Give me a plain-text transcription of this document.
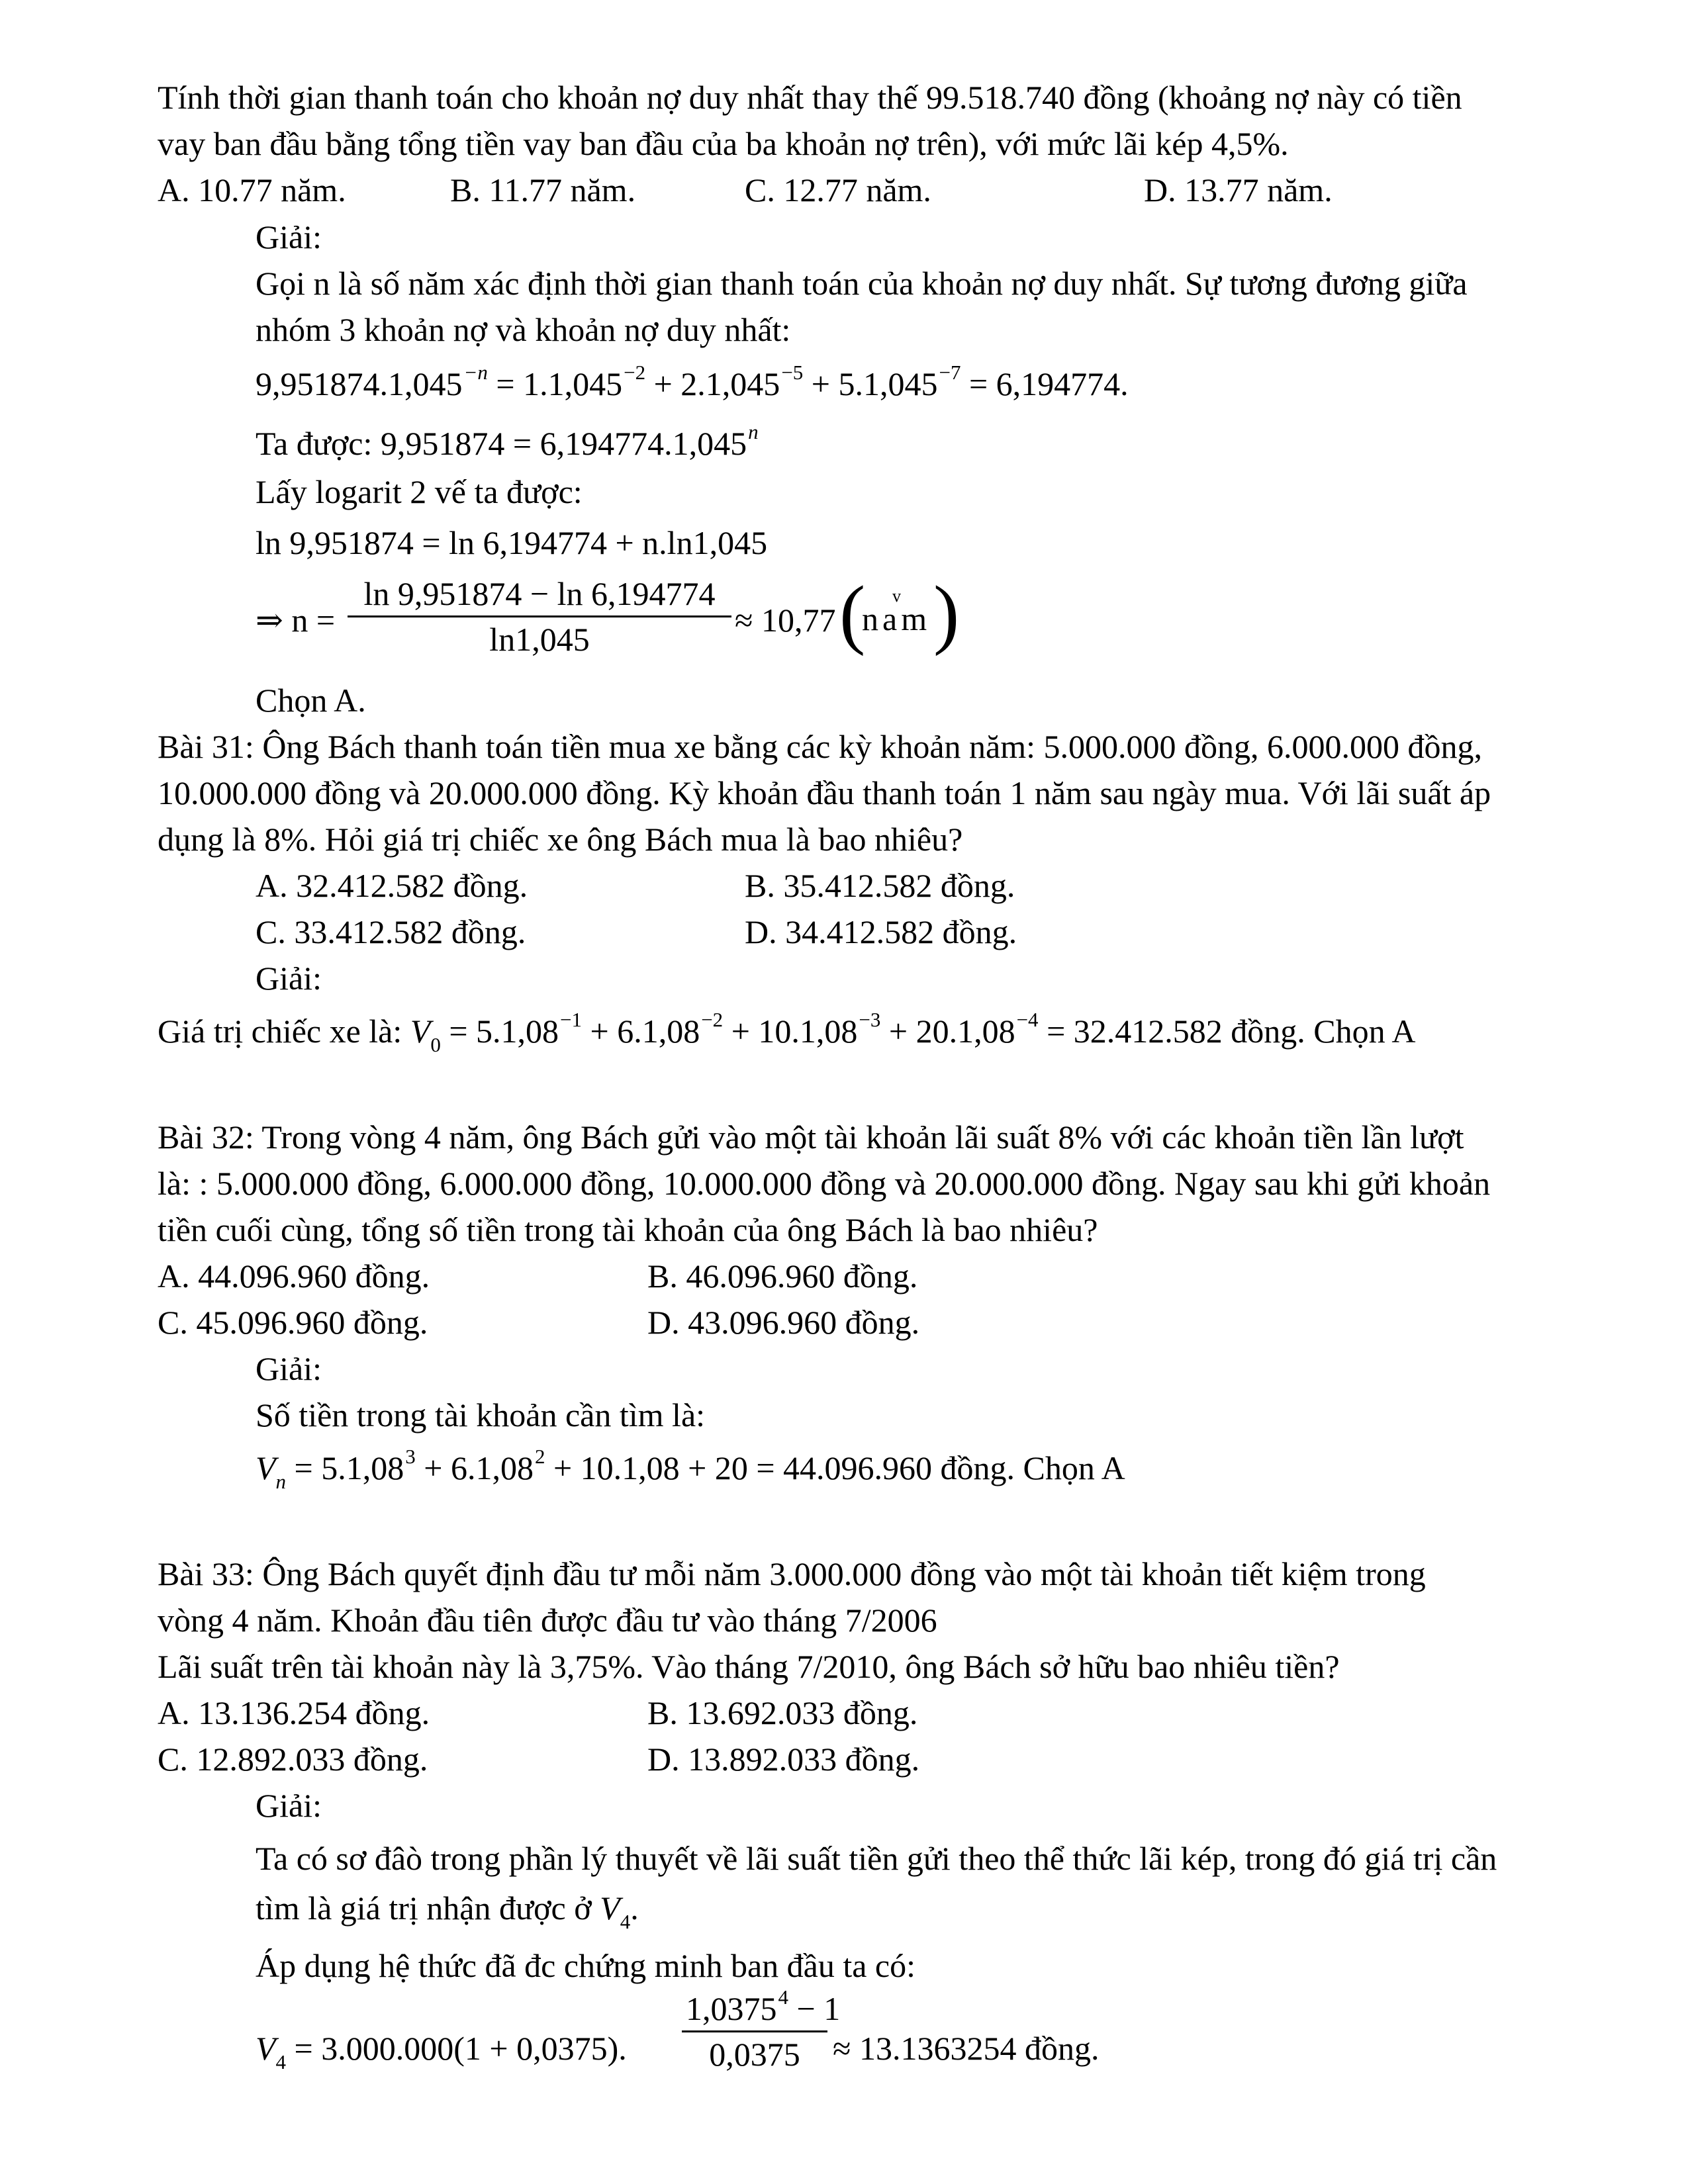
Tính thời gian thanh toán cho khoản nợ duy nhất thay thế 99.518.740 đồng (khoảng nợ này có tiền
vay ban đầu bằng tổng tiền vay ban đầu của ba khoản nợ trên), với mức lãi kép 4,5%.
A. 10.77 năm.	B. 11.77 năm.	C. 12.77 năm.	D. 13.77 năm.
Giải:
Gọi n là số năm xác định thời gian thanh toán của khoản nợ duy nhất. Sự tương đương giữa
nhóm 3 khoản nợ và khoản nợ duy nhất:
$9,951874.1,045^{-n} = 1.1,045^{-2} + 2.1,045^{-5} + 5.1,045^{-7} = 6,194774$.
Ta được: $9,951874 = 6,194774.1,045^n$
Lấy logarit 2 vế ta được:
ln 9,951874 = ln 6,194774 + n.ln1,045
⇒ $n = \frac{\ln 9,951874 - \ln 6,194774}{\ln 1,045} \approx 10,77$ ( v
nam )
Chọn A.
Bài 31: Ông Bách thanh toán tiền mua xe bằng các kỳ khoản năm: 5.000.000 đồng, 6.000.000 đồng,
10.000.000 đồng và 20.000.000 đồng. Kỳ khoản đầu thanh toán 1 năm sau ngày mua. Với lãi suất áp
dụng là 8%. Hỏi giá trị chiếc xe ông Bách mua là bao nhiêu?
A. 32.412.582 đồng.	B. 35.412.582 đồng.
C. 33.412.582 đồng.	D. 34.412.582 đồng.
Giải:
Giá trị chiếc xe là: $V_0 = 5.1,08^{-1} + 6.1,08^{-2} + 10.1,08^{-3} + 20.1,08^{-4} = 32.412.582$ đồng. Chọn A
Bài 32: Trong vòng 4 năm, ông Bách gửi vào một tài khoản lãi suất 8% với các khoản tiền lần lượt
là: : 5.000.000 đồng, 6.000.000 đồng, 10.000.000 đồng và 20.000.000 đồng. Ngay sau khi gửi khoản
tiền cuối cùng, tổng số tiền trong tài khoản của ông Bách là bao nhiêu?
A. 44.096.960 đồng.	B. 46.096.960 đồng.
C. 45.096.960 đồng.	D. 43.096.960 đồng.
Giải:
Số tiền trong tài khoản cần tìm là:
$V_n = 5.1,08^3 + 6.1,08^2 + 10.1,08 + 20 = 44.096.960$ đồng. Chọn A
Bài 33: Ông Bách quyết định đầu tư mỗi năm 3.000.000 đồng vào một tài khoản tiết kiệm trong
vòng 4 năm. Khoản đầu tiên được đầu tư vào tháng 7/2006
Lãi suất trên tài khoản này là 3,75%. Vào tháng 7/2010, ông Bách sở hữu bao nhiêu tiền?
A. 13.136.254 đồng.	B. 13.692.033 đồng.
C. 12.892.033 đồng.	D. 13.892.033 đồng.
Giải:
Ta có sơ đâò trong phần lý thuyết về lãi suất tiền gửi theo thể thức lãi kép, trong đó giá trị cần
tìm là giá trị nhận được ở $V_4$.
Áp dụng hệ thức đã đc chứng minh ban đầu ta có:
$V_4 = 3.000.000(1 + 0,0375)$. $\frac{1,0375^4 - 1}{0,0375} \approx 13.1363254$ đồng.
